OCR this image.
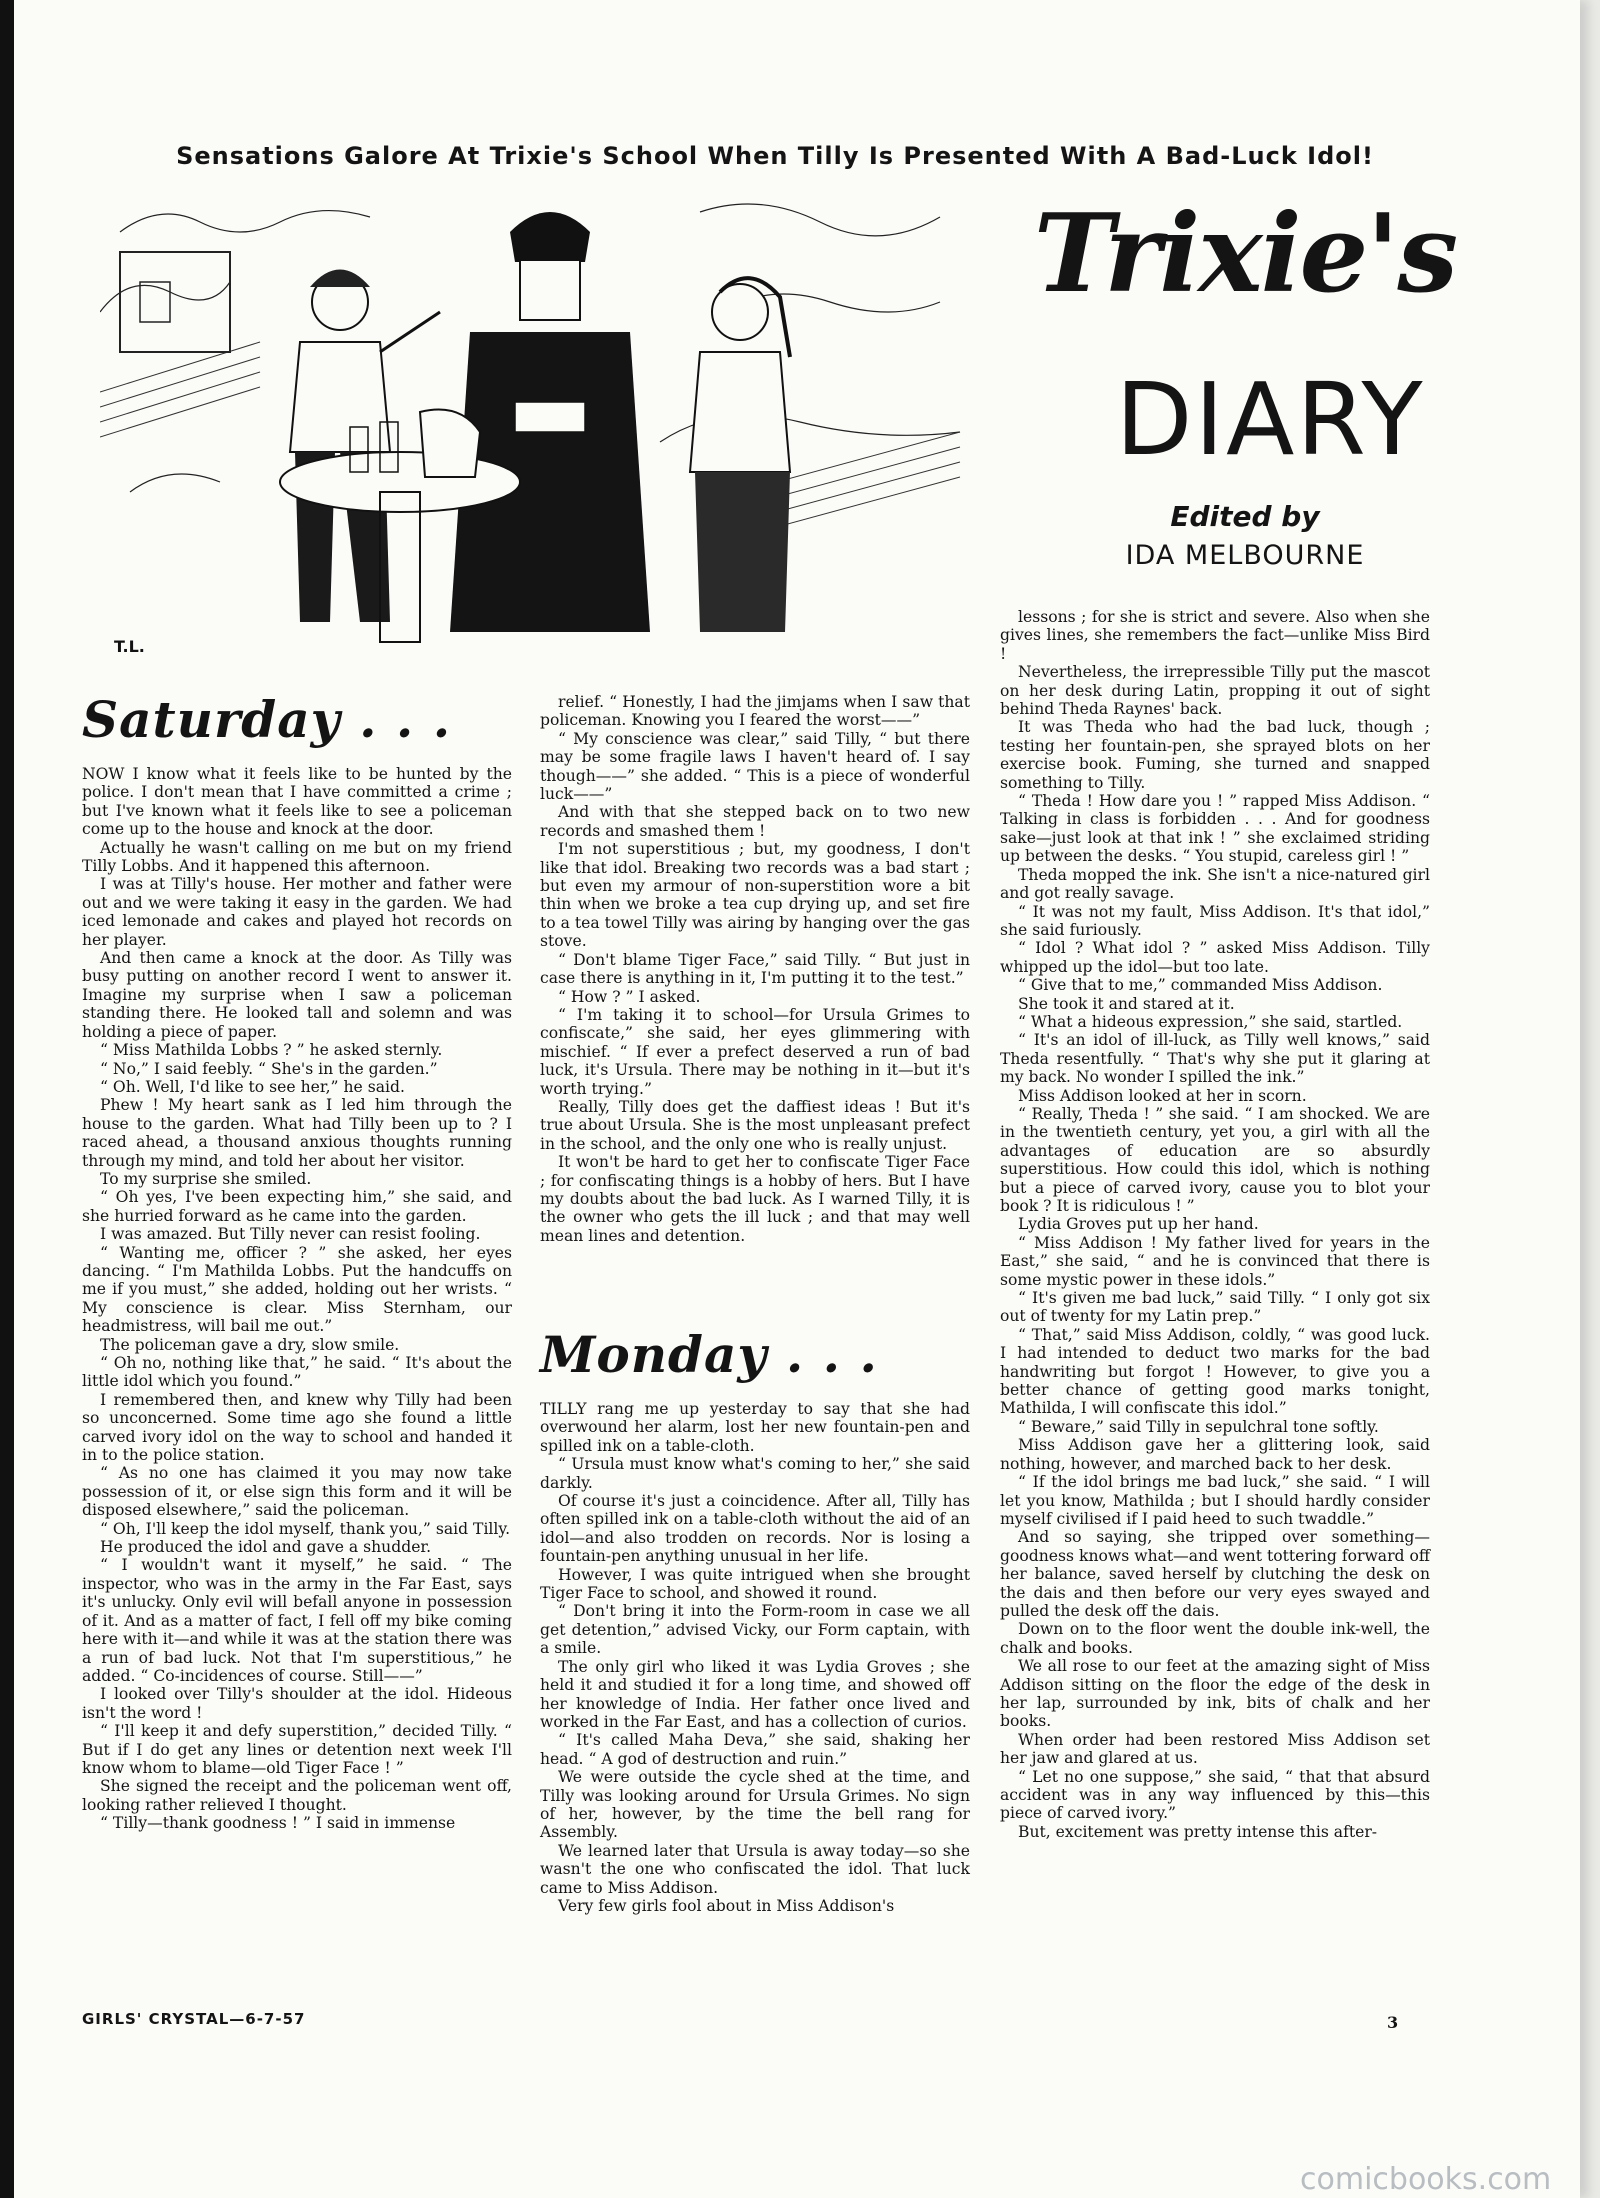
Sensations Galore At Trixie's School When Tilly Is Presented With A Bad-Luck Idol!
T.L.
Trixie's
DIARY
Edited by
IDA MELBOURNE
Saturday . . .
Monday . . .

NOW I know what it feels like to be hunted by the police. I don't mean that I have committed a crime ; but I've known what it feels like to see a policeman come up to the house and knock at the door.

Actually he wasn't calling on me but on my friend Tilly Lobbs. And it happened this afternoon.

I was at Tilly's house. Her mother and father were out and we were taking it easy in the garden. We had iced lemonade and cakes and played hot records on her player.

And then came a knock at the door. As Tilly was busy putting on another record I went to answer it. Imagine my surprise when I saw a policeman standing there. He looked tall and solemn and was holding a piece of paper.

“ Miss Mathilda Lobbs ? ” he asked sternly.

“ No,” I said feebly. “ She's in the garden.”

“ Oh. Well, I'd like to see her,” he said.

Phew ! My heart sank as I led him through the house to the garden. What had Tilly been up to ? I raced ahead, a thousand anxious thoughts running through my mind, and told her about her visitor.

To my surprise she smiled.

“ Oh yes, I've been expecting him,” she said, and she hurried forward as he came into the garden.

I was amazed. But Tilly never can resist fooling.

“ Wanting me, officer ? ” she asked, her eyes dancing. “ I'm Mathilda Lobbs. Put the handcuffs on me if you must,” she added, holding out her wrists. “ My conscience is clear. Miss Sternham, our headmistress, will bail me out.”

The policeman gave a dry, slow smile.

“ Oh no, nothing like that,” he said. “ It's about the little idol which you found.”

I remembered then, and knew why Tilly had been so unconcerned. Some time ago she found a little carved ivory idol on the way to school and handed it in to the police station.

“ As no one has claimed it you may now take possession of it, or else sign this form and it will be disposed elsewhere,” said the policeman.

“ Oh, I'll keep the idol myself, thank you,” said Tilly.

He produced the idol and gave a shudder.

“ I wouldn't want it myself,” he said. “ The inspector, who was in the army in the Far East, says it's unlucky. Only evil will befall anyone in possession of it. And as a matter of fact, I fell off my bike coming here with it—and while it was at the station there was a run of bad luck. Not that I'm superstitious,” he added. “ Co-incidences of course. Still——”

I looked over Tilly's shoulder at the idol. Hideous isn't the word !

“ I'll keep it and defy superstition,” decided Tilly. “ But if I do get any lines or detention next week I'll know whom to blame—old Tiger Face ! ”

She signed the receipt and the policeman went off, looking rather relieved I thought.

“ Tilly—thank goodness ! ” I said in immense

relief. “ Honestly, I had the jimjams when I saw that policeman. Knowing you I feared the worst——”

“ My conscience was clear,” said Tilly, “ but there may be some fragile laws I haven't heard of. I say though——” she added. “ This is a piece of wonderful luck——”

And with that she stepped back on to two new records and smashed them !

I'm not superstitious ; but, my goodness, I don't like that idol. Breaking two records was a bad start ; but even my armour of non-superstition wore a bit thin when we broke a tea cup drying up, and set fire to a tea towel Tilly was airing by hanging over the gas stove.

“ Don't blame Tiger Face,” said Tilly. “ But just in case there is anything in it, I'm putting it to the test.”

“ How ? ” I asked.

“ I'm taking it to school—for Ursula Grimes to confiscate,” she said, her eyes glimmering with mischief. “ If ever a prefect deserved a run of bad luck, it's Ursula. There may be nothing in it—but it's worth trying.”

Really, Tilly does get the daffiest ideas ! But it's true about Ursula. She is the most unpleasant prefect in the school, and the only one who is really unjust.

It won't be hard to get her to confiscate Tiger Face ; for confiscating things is a hobby of hers. But I have my doubts about the bad luck. As I warned Tilly, it is the owner who gets the ill luck ; and that may well mean lines and detention.

TILLY rang me up yesterday to say that she had overwound her alarm, lost her new fountain-pen and spilled ink on a table-cloth.

“ Ursula must know what's coming to her,” she said darkly.

Of course it's just a coincidence. After all, Tilly has often spilled ink on a table-cloth without the aid of an idol—and also trodden on records. Nor is losing a fountain-pen anything unusual in her life.

However, I was quite intrigued when she brought Tiger Face to school, and showed it round.

“ Don't bring it into the Form-room in case we all get detention,” advised Vicky, our Form captain, with a smile.

The only girl who liked it was Lydia Groves ; she held it and studied it for a long time, and showed off her knowledge of India. Her father once lived and worked in the Far East, and has a collection of curios.

“ It's called Maha Deva,” she said, shaking her head. “ A god of destruction and ruin.”

We were outside the cycle shed at the time, and Tilly was looking around for Ursula Grimes. No sign of her, however, by the time the bell rang for Assembly.

We learned later that Ursula is away today—so she wasn't the one who confiscated the idol. That luck came to Miss Addison.

Very few girls fool about in Miss Addison's

lessons ; for she is strict and severe. Also when she gives lines, she remembers the fact—unlike Miss Bird !

Nevertheless, the irrepressible Tilly put the mascot on her desk during Latin, propping it out of sight behind Theda Raynes' back.

It was Theda who had the bad luck, though ; testing her fountain-pen, she sprayed blots on her exercise book. Fuming, she turned and snapped something to Tilly.

“ Theda ! How dare you ! ” rapped Miss Addison. “ Talking in class is forbidden . . . And for goodness sake—just look at that ink ! ” she exclaimed striding up between the desks. “ You stupid, careless girl ! ”

Theda mopped the ink. She isn't a nice-natured girl and got really savage.

“ It was not my fault, Miss Addison. It's that idol,” she said furiously.

“ Idol ? What idol ? ” asked Miss Addison. Tilly whipped up the idol—but too late.

“ Give that to me,” commanded Miss Addison.

She took it and stared at it.

“ What a hideous expression,” she said, startled.

“ It's an idol of ill-luck, as Tilly well knows,” said Theda resentfully. “ That's why she put it glaring at my back. No wonder I spilled the ink.”

Miss Addison looked at her in scorn.

“ Really, Theda ! ” she said. “ I am shocked. We are in the twentieth century, yet you, a girl with all the advantages of education are so absurdly superstitious. How could this idol, which is nothing but a piece of carved ivory, cause you to blot your book ? It is ridiculous ! ”

Lydia Groves put up her hand.

“ Miss Addison ! My father lived for years in the East,” she said, “ and he is convinced that there is some mystic power in these idols.”

“ It's given me bad luck,” said Tilly. “ I only got six out of twenty for my Latin prep.”

“ That,” said Miss Addison, coldly, “ was good luck. I had intended to deduct two marks for the bad handwriting but forgot ! However, to give you a better chance of getting good marks tonight, Mathilda, I will confiscate this idol.”

“ Beware,” said Tilly in sepulchral tone softly.

Miss Addison gave her a glittering look, said nothing, however, and marched back to her desk.

“ If the idol brings me bad luck,” she said. “ I will let you know, Mathilda ; but I should hardly consider myself civilised if I paid heed to such twaddle.”

And so saying, she tripped over something—goodness knows what—and went tottering forward off her balance, saved herself by clutching the desk on the dais and then before our very eyes swayed and pulled the desk off the dais.

Down on to the floor went the double ink-well, the chalk and books.

We all rose to our feet at the amazing sight of Miss Addison sitting on the floor the edge of the desk in her lap, surrounded by ink, bits of chalk and her books.

When order had been restored Miss Addison set her jaw and glared at us.

“ Let no one suppose,” she said, “ that that absurd accident was in any way influenced by this—this piece of carved ivory.”

But, excitement was pretty intense this after-

GIRLS' CRYSTAL—6-7-57	3
comicbooks.com
